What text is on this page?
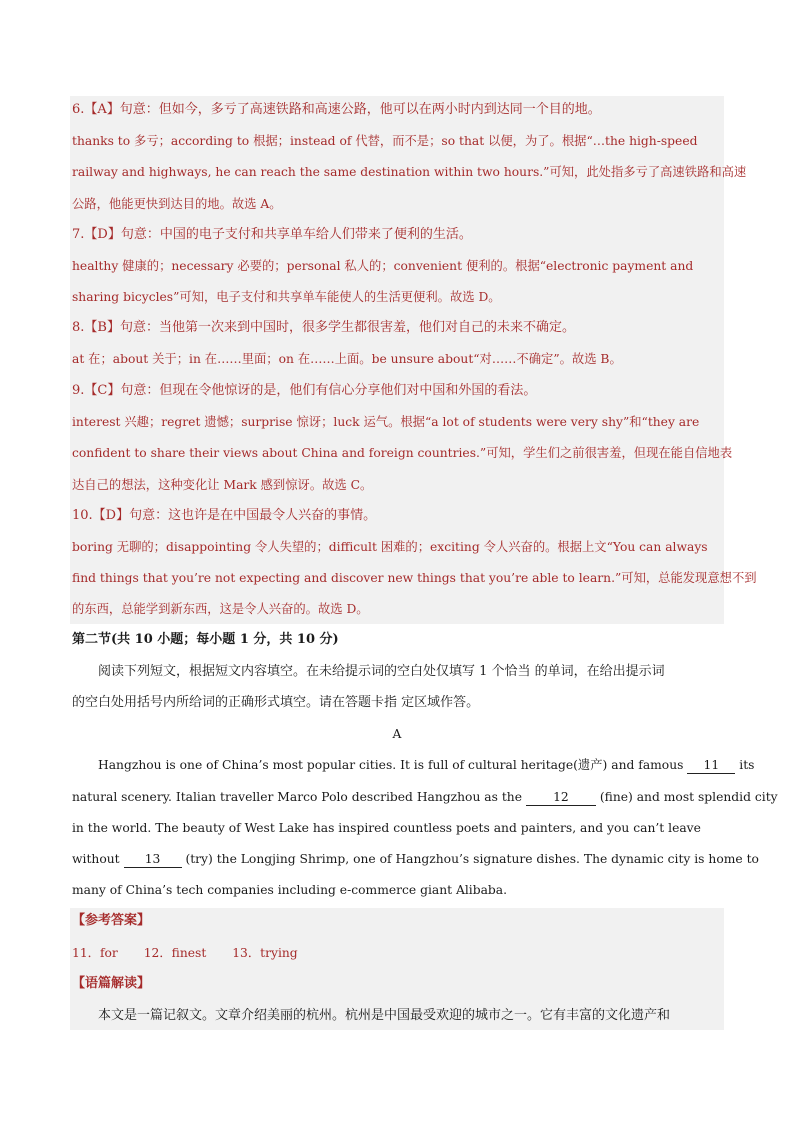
6.【A】句意：但如今，多亏了高速铁路和高速公路，他可以在两小时内到达同一个目的地。
thanks to 多亏；according to 根据；instead of 代替，而不是；so that 以便，为了。根据“…the high-speed
railway and highways, he can reach the same destination within two hours.”可知，此处指多亏了高速铁路和高速
公路，他能更快到达目的地。故选 A。
7.【D】句意：中国的电子支付和共享单车给人们带来了便利的生活。
healthy 健康的；necessary 必要的；personal 私人的；convenient 便利的。根据“electronic payment and
sharing bicycles”可知，电子支付和共享单车能使人的生活更便利。故选 D。
8.【B】句意：当他第一次来到中国时，很多学生都很害羞，他们对自己的未来不确定。
at 在；about 关于；in 在……里面；on 在……上面。be unsure about“对……不确定”。故选 B。
9.【C】句意：但现在令他惊讶的是，他们有信心分享他们对中国和外国的看法。
interest 兴趣；regret 遗憾；surprise 惊讶；luck 运气。根据“a lot of students were very shy”和“they are
confident to share their views about China and foreign countries.”可知，学生们之前很害羞，但现在能自信地表
达自己的想法，这种变化让 Mark 感到惊讶。故选 C。
10.【D】句意：这也许是在中国最令人兴奋的事情。
boring 无聊的；disappointing 令人失望的；difficult 困难的；exciting 令人兴奋的。根据上文“You can always
find things that you’re not expecting and discover new things that you’re able to learn.”可知，总能发现意想不到
的东西，总能学到新东西，这是令人兴奋的。故选 D。
第二节(共 10 小题；每小题 1 分，共 10 分)
阅读下列短文，根据短文内容填空。在未给提示词的空白处仅填写 1 个恰当 的单词，在给出提示词
的空白处用括号内所给词的正确形式填空。请在答题卡指 定区域作答。
A
Hangzhou is one of China’s most popular cities. It is full of cultural heritage(遗产) and famous 11 its
natural scenery. Italian traveller Marco Polo described Hangzhou as the	12	(fine) and most splendid city
in the world. The beauty of West Lake has inspired countless poets and painters, and you can’t leave
without 13 (try) the Longjing Shrimp, one of Hangzhou’s signature dishes. The dynamic city is home to
many of China’s tech companies including e-commerce giant Alibaba.
【参考答案】
11．for 12．finest 13．trying
【语篇解读】
本文是一篇记叙文。文章介绍美丽的杭州。杭州是中国最受欢迎的城市之一。它有丰富的文化遗产和
